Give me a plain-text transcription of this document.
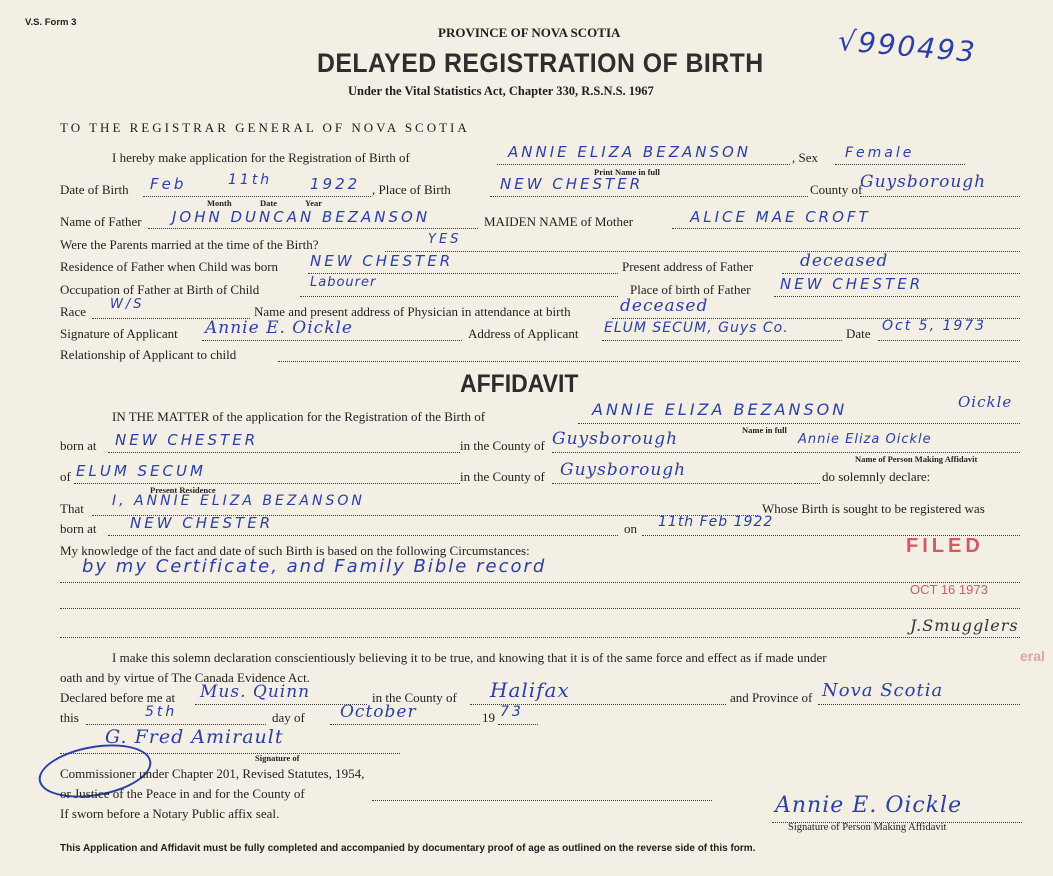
V.S. Form 3
PROVINCE OF NOVA SCOTIA
DELAYED REGISTRATION OF BIRTH
Under the Vital Statistics Act, Chapter 330, R.S.N.S. 1967
√990493
TO THE REGISTRAR GENERAL OF NOVA SCOTIA
I hereby make application for the Registration of Birth of	ANNIE ELIZA BEZANSON	, Sex Female
Print Name in full
Date of Birth Feb	11th	1922 , Place of Birth	NEW CHESTER	County of
Guysborough
Month	Date	Year
Name of Father JOHN DUNCAN BEZANSON	MAIDEN NAME of Mother	ALICE MAE CROFT
Were the Parents married at the time of the Birth?	YES
Residence of Father when Child was born NEW CHESTER	Present address of Father	deceased
Occupation of Father at Birth of Child	Labourer	Place of birth of Father NEW CHESTER
Race W/S	Name and present address of Physician in attendance at birth	deceased
Signature of Applicant Annie E. Oickle	Address of Applicant ELUM SECUM, Guys Co.	Date Oct 5, 1973
Relationship of Applicant to child
AFFIDAVIT
IN THE MATTER of the application for the Registration of the Birth of	ANNIE ELIZA BEZANSON	Oickle
Name in full
born at NEW CHESTER	in the County of Guysborough	Annie Eliza Oickle
Name of Person Making Affidavit
of ELUM SECUM
Present Residence
in the County of Guysborough	do solemnly declare:
That I, ANNIE ELIZA BEZANSON	Whose Birth is sought to be registered was
born at NEW CHESTER	on 11th Feb 1922
My knowledge of the fact and date of such Birth is based on the following Circumstances:
by my Certificate, and Family Bible record
FILED
OCT 16 1973
J.Smugglers
eral
I make this solemn declaration conscientiously believing it to be true, and knowing that it is of the same force and effect as if made under
oath and by virtue of The Canada Evidence Act.
Declared before me at Mus. Quinn	in the County of Halifax	and Province of Nova Scotia
this	5th	day of October	19 73
G. Fred Amirault
Signature of
Commissioner under Chapter 201, Revised Statutes, 1954,
or Justice of the Peace in and for the County of
If sworn before a Notary Public affix seal.	Annie E. Oickle
Signature of Person Making Affidavit
This Application and Affidavit must be fully completed and accompanied by documentary proof of age as outlined on the reverse side of this form.
